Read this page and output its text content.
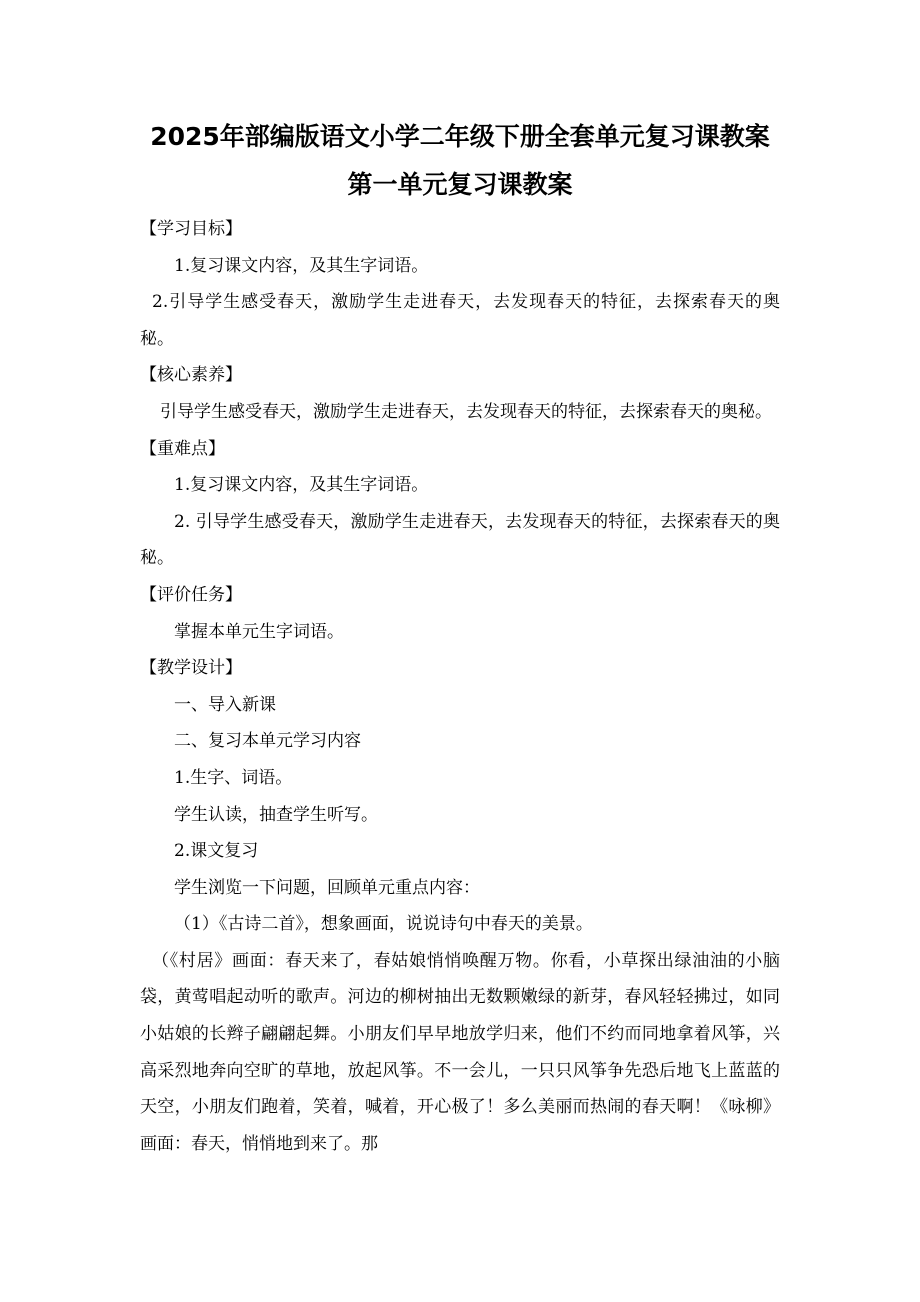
2025年部编版语文小学二年级下册全套单元复习课教案
第一单元复习课教案

【学习目标】

1.复习课文内容，及其生字词语。

2.引导学生感受春天，激励学生走进春天，去发现春天的特征，去探索春天的奥秘。

【核心素养】

引导学生感受春天，激励学生走进春天，去发现春天的特征，去探索春天的奥秘。

【重难点】

1.复习课文内容，及其生字词语。

2. 引导学生感受春天，激励学生走进春天，去发现春天的特征，去探索春天的奥秘。

【评价任务】

掌握本单元生字词语。

【教学设计】

一、导入新课

二、复习本单元学习内容

1.生字、词语。

学生认读，抽查学生听写。

2.课文复习

学生浏览一下问题，回顾单元重点内容：

（1）《古诗二首》，想象画面，说说诗句中春天的美景。

（《村居》画面：春天来了，春姑娘悄悄唤醒万物。你看，小草探出绿油油的小脑袋，黄莺唱起动听的歌声。河边的柳树抽出无数颗嫩绿的新芽，春风轻轻拂过，如同小姑娘的长辫子翩翩起舞。小朋友们早早地放学归来，他们不约而同地拿着风筝，兴高采烈地奔向空旷的草地，放起风筝。不一会儿，一只只风筝争先恐后地飞上蓝蓝的天空，小朋友们跑着，笑着，喊着，开心极了！多么美丽而热闹的春天啊！《咏柳》画面：春天，悄悄地到来了。那
